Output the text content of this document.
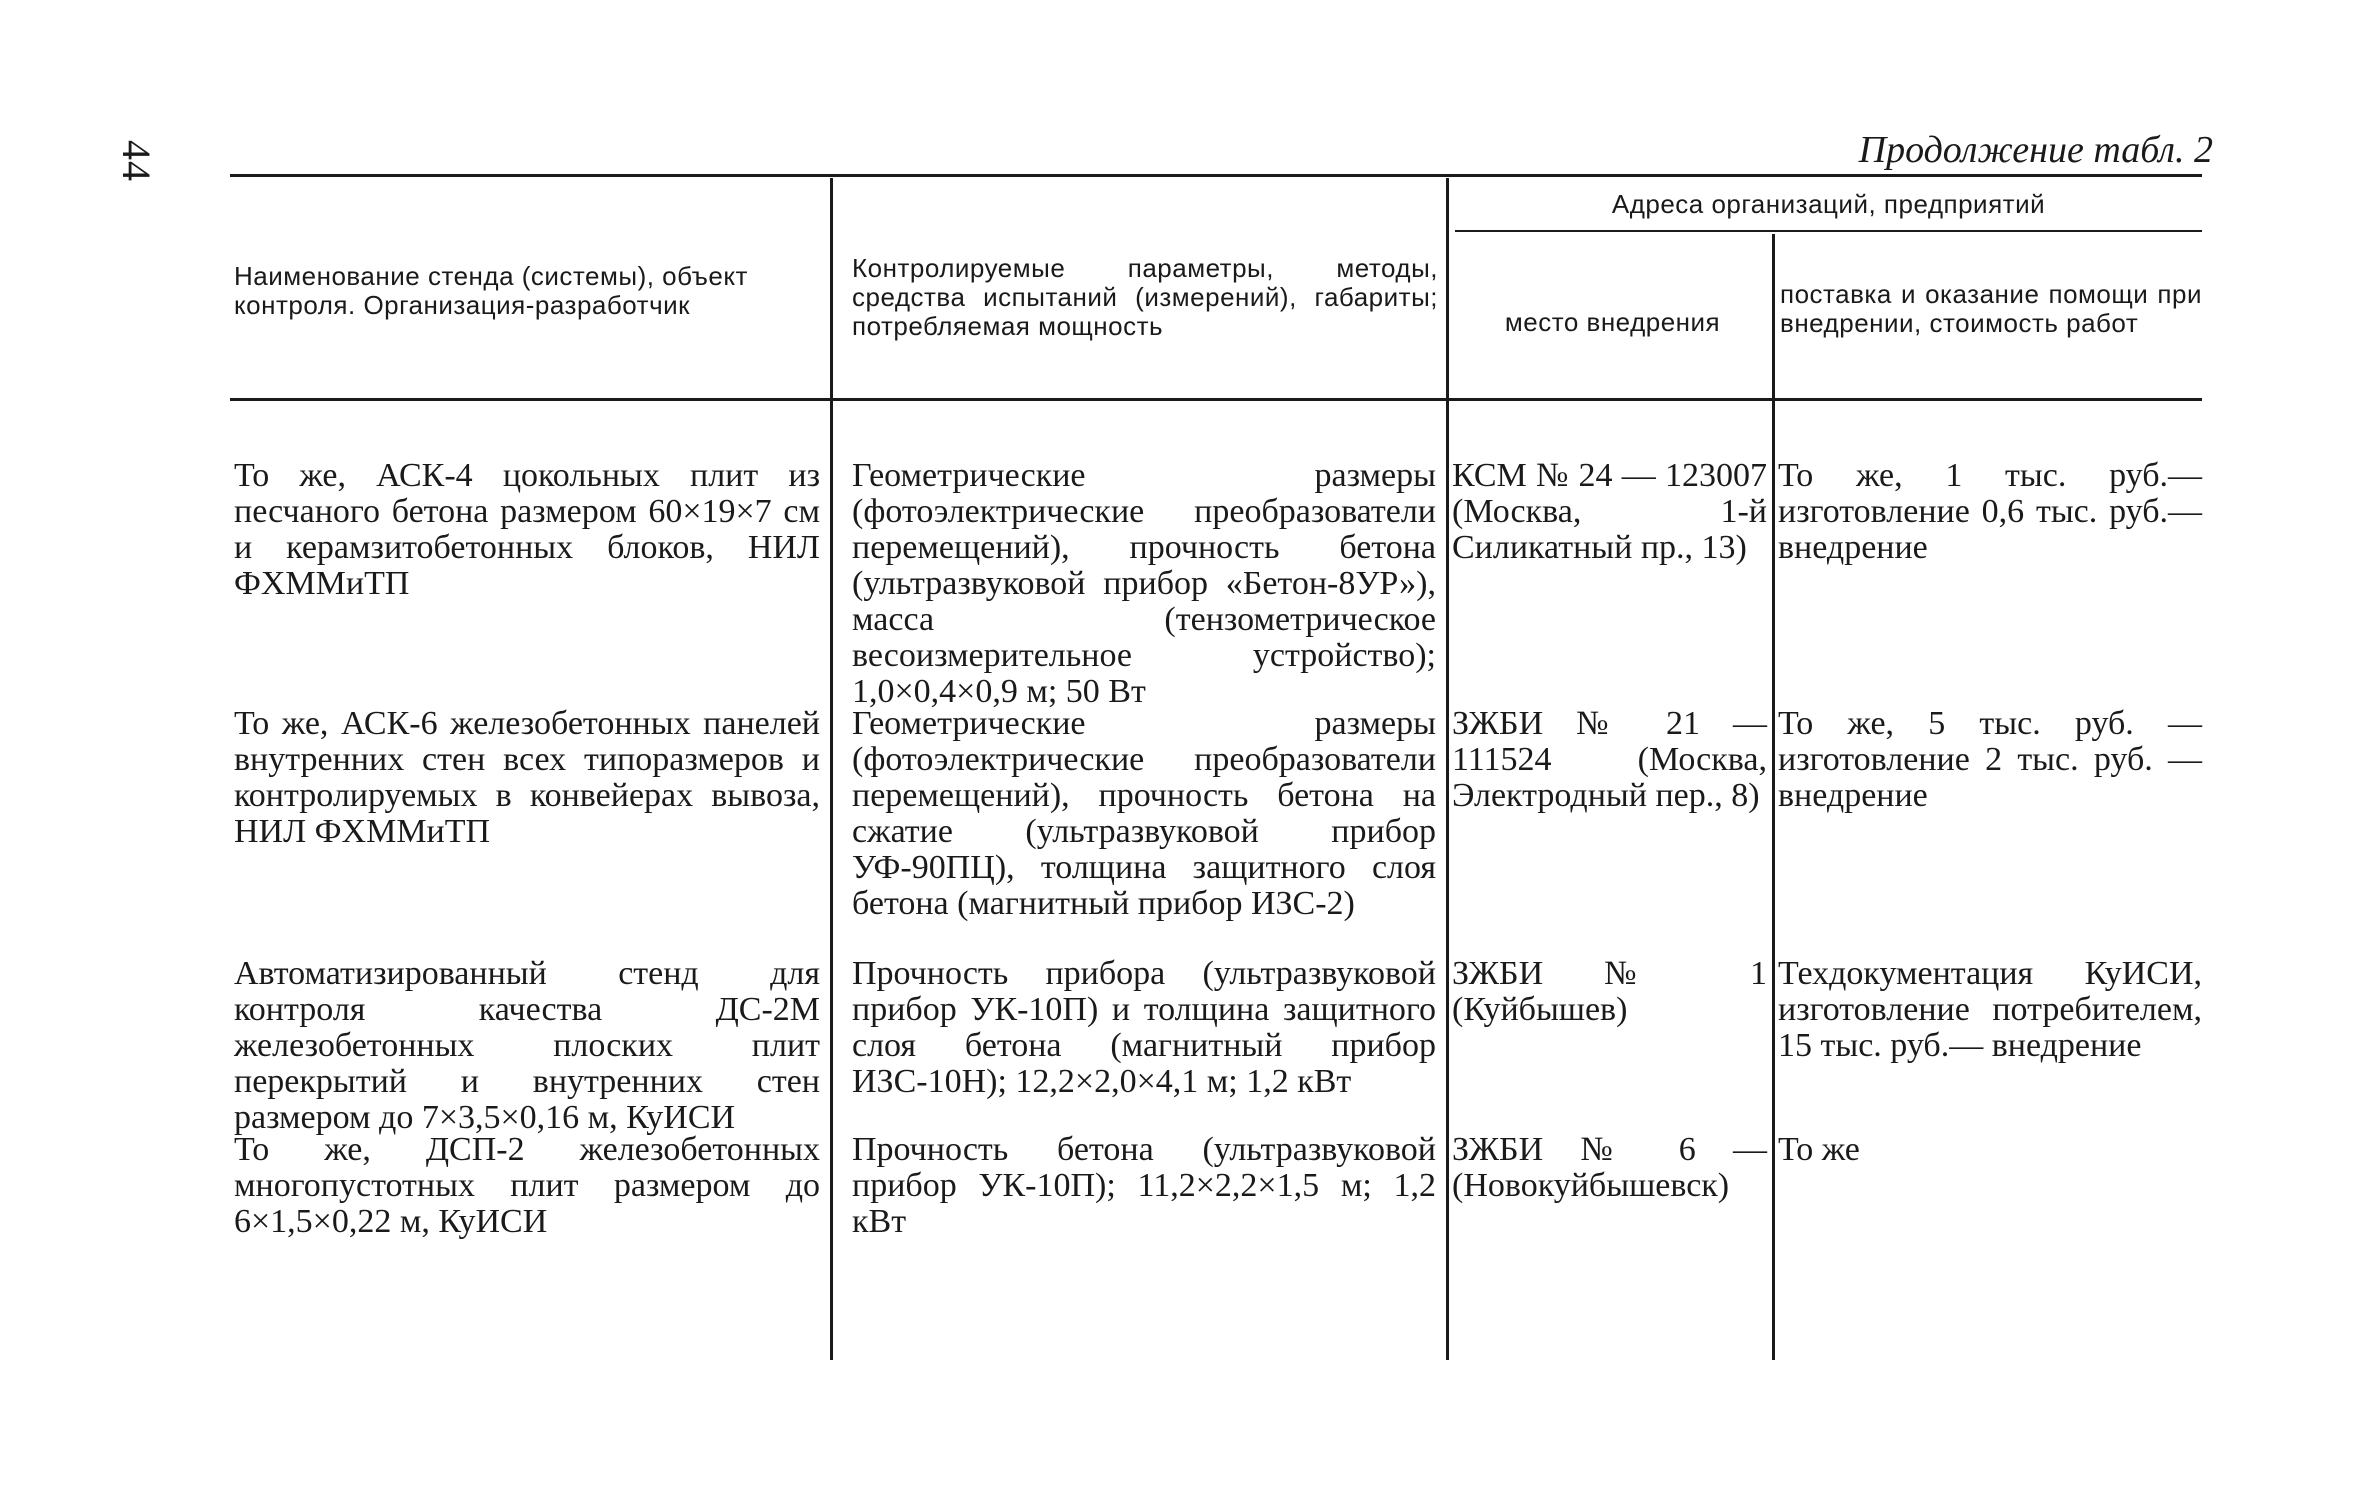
44	Продолжение табл. 2
Наименование стенда (системы), объект контроля. Организация-разработчик
Контролируемые параметры, методы, средства испытаний (измерений), габариты; потребляемая мощность
Адреса организаций, предприятий
место внедрения
поставка и оказание помощи при внедрении, стоимость работ
То же, АСК-4 цокольных плит из песчаного бетона размером 60×19×7 см и керамзитобетонных блоков, НИЛ ФХММиТП
Геометрические размеры (фотоэлектрические преобразователи перемещений), прочность бетона (ультразвуковой прибор «Бетон-8УР»), масса (тензометрическое весоизмерительное устройство); 1,0×0,4×0,9 м; 50 Вт
КСМ № 24 — 123007 (Москва, 1-й Силикатный пр., 13)
То же, 1 тыс. руб.— изготовление 0,6 тыс. руб.— внедрение
То же, АСК-6 железобетонных панелей внутренних стен всех типоразмеров и контролируемых в конвейерах вывоза, НИЛ ФХММиТП
Геометрические размеры (фотоэлектрические преобразователи перемещений), прочность бетона на сжатие (ультразвуковой прибор УФ-90ПЦ), толщина защитного слоя бетона (магнитный прибор ИЗС-2)
ЗЖБИ № 21 — 111524 (Москва, Электродный пер., 8)
То же, 5 тыс. руб. — изготовление 2 тыс. руб. — внедрение
Автоматизированный стенд для контроля качества ДС-2М железобетонных плоских плит перекрытий и внутренних стен размером до 7×3,5×0,16 м, КуИСИ
Прочность прибора (ультразвуковой прибор УК-10П) и толщина защитного слоя бетона (магнитный прибор ИЗС-10Н); 12,2×2,0×4,1 м; 1,2 кВт
ЗЖБИ № 1 (Куйбышев)
Техдокументация КуИСИ, изготовление потребителем, 15 тыс. руб.— внедрение
То же, ДСП-2 железобетонных многопустотных плит размером до 6×1,5×0,22 м, КуИСИ
Прочность бетона (ультразвуковой прибор УК-10П); 11,2×2,2×1,5 м; 1,2 кВт
ЗЖБИ № 6 — (Новокуйбышевск)
То же
